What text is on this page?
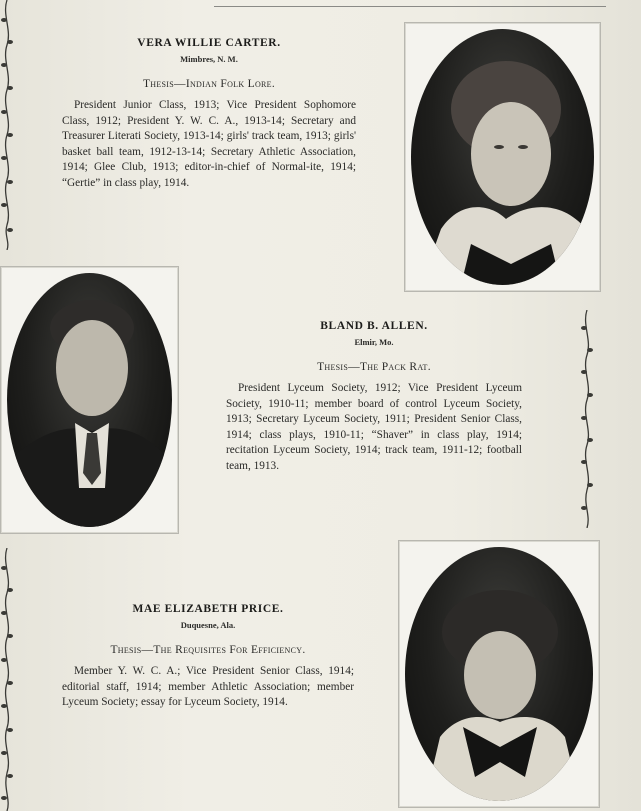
VERA WILLIE CARTER.
Mimbres, N. M.
Thesis—Indian Folk Lore.
President Junior Class, 1913; Vice President Sophomore Class, 1912; President Y. W. C. A., 1913-14; Secretary and Treasurer Literati Society, 1913-14; girls' track team, 1913; girls' basket ball team, 1912-13-14; Secretary Athletic Association, 1914; Glee Club, 1913; editor-in-chief of Normal-ite, 1914; “Gertie” in class play, 1914.
BLAND B. ALLEN.
Elmir, Mo.
Thesis—The Pack Rat.
President Lyceum Society, 1912; Vice President Lyceum Society, 1910-11; member board of control Lyceum Society, 1913; Secretary Lyceum Society, 1911; President Senior Class, 1914; class plays, 1910-11; “Shaver” in class play, 1914; recitation Lyceum Society, 1914; track team, 1911-12; football team, 1913.
MAE ELIZABETH PRICE.
Duquesne, Ala.
Thesis—The Requisites For Efficiency.
Member Y. W. C. A.; Vice President Senior Class, 1914; editorial staff, 1914; member Athletic Association; member Lyceum Society; essay for Lyceum Society, 1914.
